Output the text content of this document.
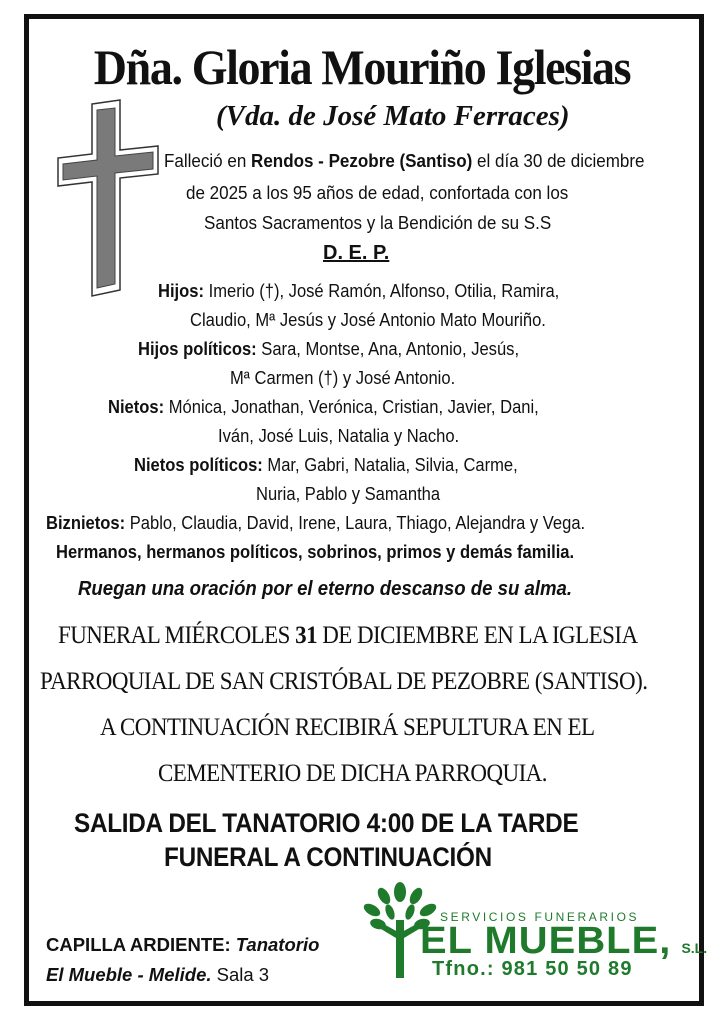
Dña. Gloria Mouriño Iglesias
(Vda. de José Mato Ferraces)
Falleció en Rendos - Pezobre (Santiso) el día 30 de diciembre
de 2025 a los 95 años de edad, confortada con los
Santos Sacramentos y la Bendición de su S.S
D. E. P.
Hijos: Imerio (†), José Ramón, Alfonso, Otilia, Ramira,
Claudio, Mª Jesús y José Antonio Mato Mouriño.
Hijos políticos: Sara, Montse, Ana, Antonio, Jesús,
Mª Carmen (†) y José Antonio.
Nietos: Mónica, Jonathan, Verónica, Cristian, Javier, Dani,
Iván, José Luis, Natalia y Nacho.
Nietos políticos: Mar, Gabri, Natalia, Silvia, Carme,
Nuria, Pablo y Samantha
Biznietos: Pablo, Claudia, David, Irene, Laura, Thiago, Alejandra y Vega.
Hermanos, hermanos políticos, sobrinos, primos y demás familia.
Ruegan una oración por el eterno descanso de su alma.
FUNERAL MIÉRCOLES 31 DE DICIEMBRE EN LA IGLESIA
PARROQUIAL DE SAN CRISTÓBAL DE PEZOBRE (SANTISO).
A CONTINUACIÓN RECIBIRÁ SEPULTURA EN EL
CEMENTERIO DE DICHA PARROQUIA.
SALIDA DEL TANATORIO 4:00 DE LA TARDE
FUNERAL A CONTINUACIÓN
CAPILLA ARDIENTE: Tanatorio
El Mueble - Melide. Sala 3
SERVICIOS FUNERARIOS
EL MUEBLE, S.L.
Tfno.: 981 50 50 89
